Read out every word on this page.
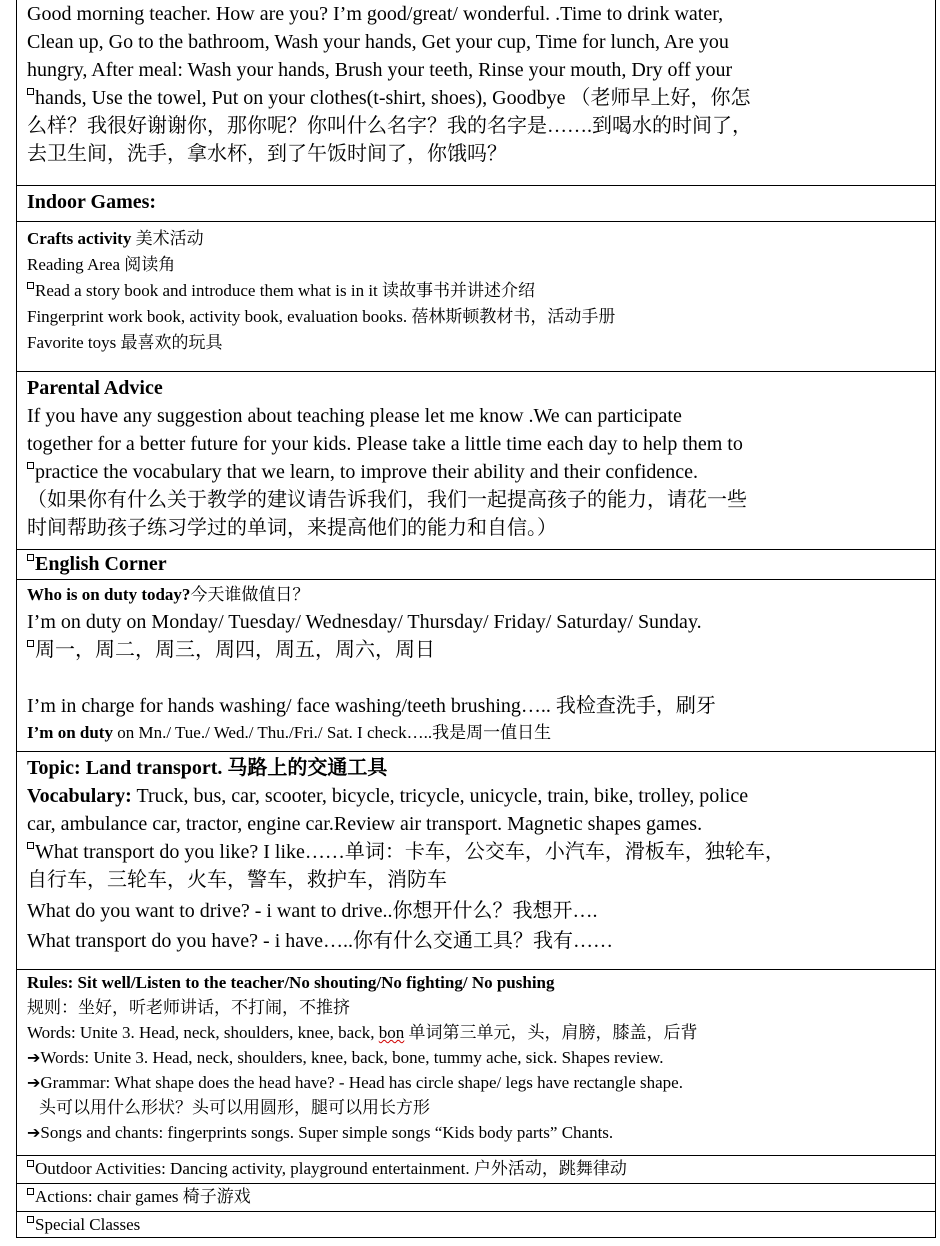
Good morning teacher. How are you? I’m good/great/ wonderful. .Time to drink water,
Clean up, Go to the bathroom, Wash your hands, Get your cup, Time for lunch, Are you
hungry, After meal: Wash your hands, Brush your teeth, Rinse your mouth, Dry off your
hands, Use the towel, Put on your clothes(t-shirt, shoes), Goodbye （老师早上好，你怎
么样？我很好谢谢你，那你呢？你叫什么名字？我的名字是…….到喝水的时间了，
去卫生间，洗手，拿水杯，到了午饭时间了，你饿吗？
Indoor Games:
Crafts activity 美术活动
Reading Area 阅读角
Read a story book and introduce them what is in it 读故事书并讲述介绍
Fingerprint work book, activity book, evaluation books. 蓓林斯顿教材书，活动手册
Favorite toys 最喜欢的玩具
Parental Advice
If you have any suggestion about teaching please let me know .We can participate
together for a better future for your kids. Please take a little time each day to help them to
practice the vocabulary that we learn, to improve their ability and their confidence.
（如果你有什么关于教学的建议请告诉我们，我们一起提高孩子的能力，请花一些
时间帮助孩子练习学过的单词，来提高他们的能力和自信。）
English Corner
Who is on duty today?今天谁做值日？
I’m on duty on Monday/ Tuesday/ Wednesday/ Thursday/ Friday/ Saturday/ Sunday.
周一，周二，周三，周四，周五，周六，周日
I’m in charge for hands washing/ face washing/teeth brushing….. 我检查洗手，刷牙
I’m on duty on Mn./ Tue./ Wed./ Thu./Fri./ Sat. I check…..我是周一值日生
Topic: Land transport. 马路上的交通工具
Vocabulary: Truck, bus, car, scooter, bicycle, tricycle, unicycle, train, bike, trolley, police
car, ambulance car, tractor, engine car.Review air transport. Magnetic shapes games.
What transport do you like? I like……单词：卡车，公交车，小汽车，滑板车，独轮车，
自行车，三轮车，火车，警车，救护车，消防车
What do you want to drive? - i want to drive..你想开什么？我想开….
What transport do you have? - i have…..你有什么交通工具？我有……
Rules: Sit well/Listen to the teacher/No shouting/No fighting/ No pushing
规则：坐好，听老师讲话，不打闹，不推挤
Words: Unite 3. Head, neck, shoulders, knee, back, bon 单词第三单元，头，肩膀，膝盖，后背
➔Words: Unite 3. Head, neck, shoulders, knee, back, bone, tummy ache, sick. Shapes review.
➔Grammar: What shape does the head have? - Head has circle shape/ legs have rectangle shape.
头可以用什么形状？头可以用圆形，腿可以用长方形
➔Songs and chants: fingerprints songs. Super simple songs “Kids body parts” Chants.
Outdoor Activities: Dancing activity, playground entertainment. 户外活动，跳舞律动
Actions: chair games 椅子游戏
Special Classes
